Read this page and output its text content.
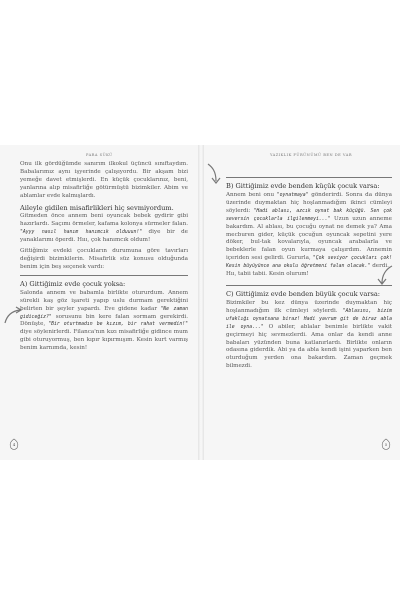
PARA SÜKÜ

Onu ilk gördüğümde sanırım ilkokul üçüncü sınıftaydım. Babalarımız aynı işyerinde çalışıyordu. Bir akşam bizi yemeğe davet etmişlerdi. En küçük çocuklarınız, beni, yanlarına alıp misafirliğe götürmüştü bizimkiler. Abim ve ablamlar evde kalmışlardı.

Aileyle gidilen misafirlikleri hiç sevmiyordum.

Gitmeden önce annem beni oyuncak bebek gydirir gibi hazırlardı. Saçımı örmeler, kafama kolonya sürmeler falan. "Ayyy nasıl hanım hanımcık olduuun!" diye bir de yanaklarımı öperdi. Hııı, çok hanımcık oldum!

Gittiğimiz evdeki çocukların durumuna göre tavırları değişirdi bizimkilerin. Misafirlik süz konusu olduğunda benim için beş seçenek vardı:

A) Gittiğimiz evde çocuk yoksa:

Salonda annem ve babamla birlikte otururdum. Annem sürekli kaş göz işareti yapıp uslu durmam gerektiğini belirten bir şeyler yapardı. Eve gidene kadar "Ne zaman gidiceğiz?" sorusunu bin kere falan sormam gerekirdi. Dönüşte, "Bir oturtmadın be kızım, bir rahat vermedin!" diye söylenirlerdi. Filanca'nın kızı misafirliğe gidince mum gibi oturuyormuş, ben kıpır kıpırmışım. Kesin kurt varmış benim karnımda, kesin!

4
YAZIKLIK FÜRÜNÜMÜ BEN DE VAR
B) Gittiğimiz evde benden küçük çocuk varsa:

Annem beni onu "oynatmaya" gönderirdi. Sonra da dünya üzerinde duymaktan hiç hoşlanmadığım ikinci cümleyi söylerdi: "Hadi ablası, azcık oynat bak küçüğü. Sen çok seversin çocuklarla ilgilenmeyi..." Uzun uzun anneme bakardım. Al ablası, bu çocuğu oynat ne demek ya? Ama mecburen gider, küçük çocuğun oyuncak sepetini yere döker, bul-tak kovalarıyla, oyuncak arabalarla ve bebeklerle falan oyun kurmaya çalışırdım. Annemin içeriden sesi gelirdi. Gururla, "Çok seviyor çocukları çok! Kesin büyüyünce ana okulu öğretmeni falan olacak." derdi.

Hıı, tabii tabii. Kesin olurum!

C) Gittiğimiz evde benden büyük çocuk varsa:

Bizimkiler bu kez dünya üzerinde duymaktan hiç hoşlanmadığım ilk cümleyi söylerdi. "Ablasını, bizim ufaklığı oynatsana biraz! Hadi yavrum git de biraz abla ile oyna..." O abiler, ablalar benimle birlikte vakit geçirmeyi hiç sevmezlerdi. Ama onlar da kendi anne babaları yüzünden buna katlanırlardı. Birlikte onların odasına giderdik. Abi ya da abla kendi işini yaparken ben oturduğum yerden ona bakardım. Zaman geçmek bilmezdi.

5
